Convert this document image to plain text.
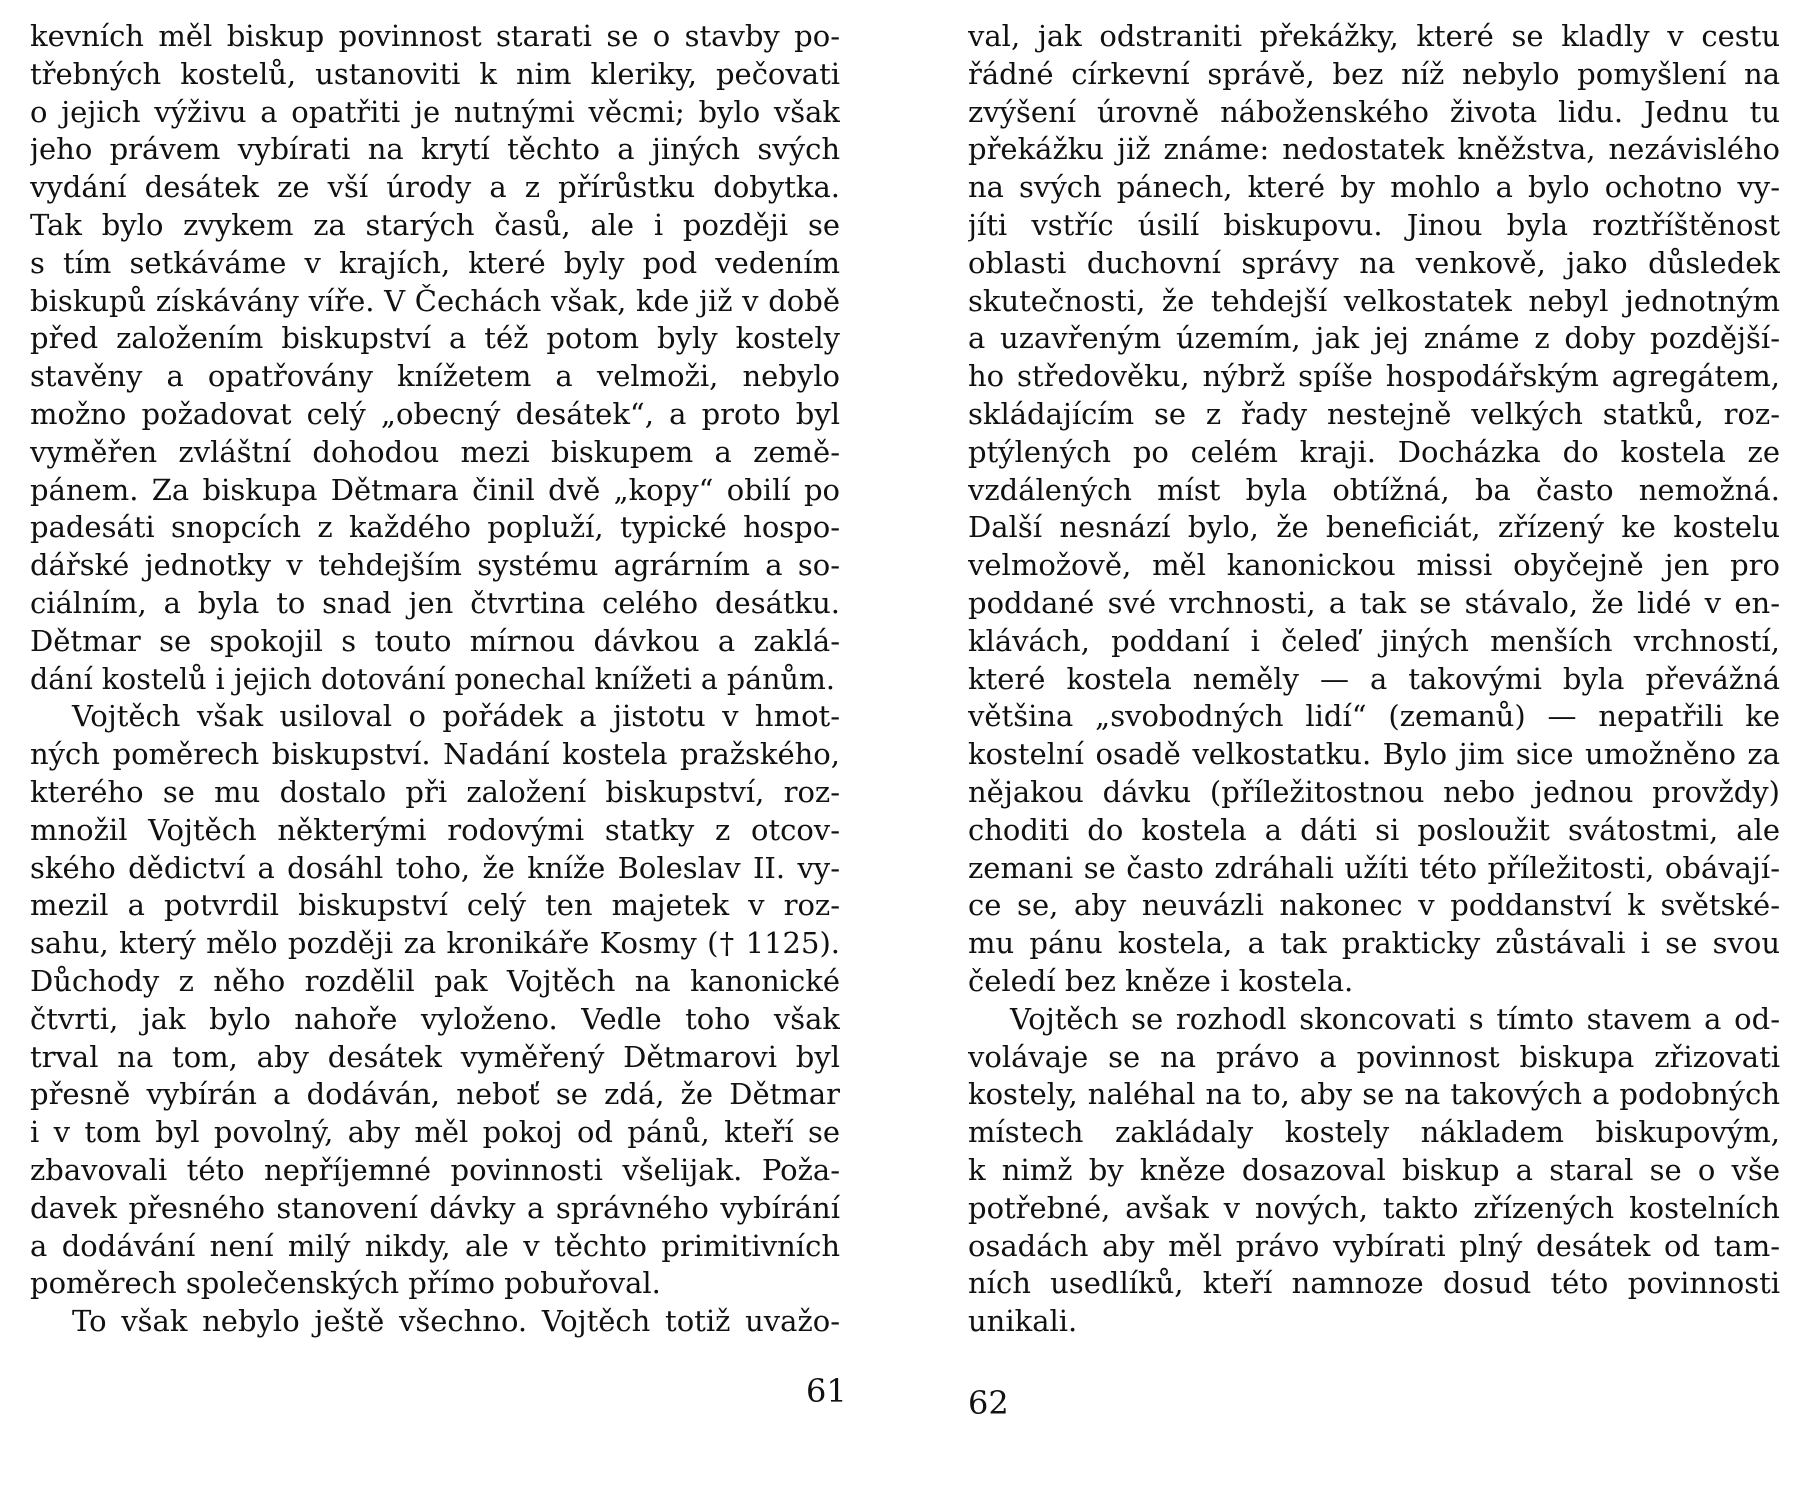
kevních měl biskup povinnost starati se o stavby po-
třebných kostelů, ustanoviti k nim kleriky, pečovati
o jejich výživu a opatřiti je nutnými věcmi; bylo však
jeho právem vybírati na krytí těchto a jiných svých
vydání desátek ze vší úrody a z přírůstku dobytka.
Tak bylo zvykem za starých časů, ale i později se
s tím setkáváme v krajích, které byly pod vedením
biskupů získávány víře. V Čechách však, kde již v době
před založením biskupství a též potom byly kostely
stavěny a opatřovány knížetem a velmoži, nebylo
možno požadovat celý „obecný desátek“, a proto byl
vyměřen zvláštní dohodou mezi biskupem a země-
pánem. Za biskupa Dětmara činil dvě „kopy“ obilí po
padesáti snopcích z každého popluží, typické hospo-
dářské jednotky v tehdejším systému agrárním a so-
ciálním, a byla to snad jen čtvrtina celého desátku.
Dětmar se spokojil s touto mírnou dávkou a zaklá-
dání kostelů i jejich dotování ponechal knížeti a pánům.
Vojtěch však usiloval o pořádek a jistotu v hmot-
ných poměrech biskupství. Nadání kostela pražského,
kterého se mu dostalo při založení biskupství, roz-
množil Vojtěch některými rodovými statky z otcov-
ského dědictví a dosáhl toho, že kníže Boleslav II. vy-
mezil a potvrdil biskupství celý ten majetek v roz-
sahu, který mělo později za kronikáře Kosmy († 1125).
Důchody z něho rozdělil pak Vojtěch na kanonické
čtvrti, jak bylo nahoře vyloženo. Vedle toho však
trval na tom, aby desátek vyměřený Dětmarovi byl
přesně vybírán a dodáván, neboť se zdá, že Dětmar
i v tom byl povolný, aby měl pokoj od pánů, kteří se
zbavovali této nepříjemné povinnosti všelijak. Poža-
davek přesného stanovení dávky a správného vybírání
a dodávání není milý nikdy, ale v těchto primitivních
poměrech společenských přímo pobuřoval.
To však nebylo ještě všechno. Vojtěch totiž uvažo-
61
val, jak odstraniti překážky, které se kladly v cestu
řádné církevní správě, bez níž nebylo pomyšlení na
zvýšení úrovně náboženského života lidu. Jednu tu
překážku již známe: nedostatek kněžstva, nezávislého
na svých pánech, které by mohlo a bylo ochotno vy-
jíti vstříc úsilí biskupovu. Jinou byla roztříštěnost
oblasti duchovní správy na venkově, jako důsledek
skutečnosti, že tehdejší velkostatek nebyl jednotným
a uzavřeným územím, jak jej známe z doby pozdější-
ho středověku, nýbrž spíše hospodářským agregátem,
skládajícím se z řady nestejně velkých statků, roz-
ptýlených po celém kraji. Docházka do kostela ze
vzdálených míst byla obtížná, ba často nemožná.
Další nesnází bylo, že beneficiát, zřízený ke kostelu
velmožově, měl kanonickou missi obyčejně jen pro
poddané své vrchnosti, a tak se stávalo, že lidé v en-
klávách, poddaní i čeleď jiných menších vrchností,
které kostela neměly — a takovými byla převážná
většina „svobodných lidí“ (zemanů) — nepatřili ke
kostelní osadě velkostatku. Bylo jim sice umožněno za
nějakou dávku (příležitostnou nebo jednou provždy)
choditi do kostela a dáti si posloužit svátostmi, ale
zemani se často zdráhali užíti této příležitosti, obávají-
ce se, aby neuvázli nakonec v poddanství k světské-
mu pánu kostela, a tak prakticky zůstávali i se svou
čeledí bez kněze i kostela.
Vojtěch se rozhodl skoncovati s tímto stavem a od-
volávaje se na právo a povinnost biskupa zřizovati
kostely, naléhal na to, aby se na takových a podobných
místech zakládaly kostely nákladem biskupovým,
k nimž by kněze dosazoval biskup a staral se o vše
potřebné, avšak v nových, takto zřízených kostelních
osadách aby měl právo vybírati plný desátek od tam-
ních usedlíků, kteří namnoze dosud této povinnosti
unikali.
62
